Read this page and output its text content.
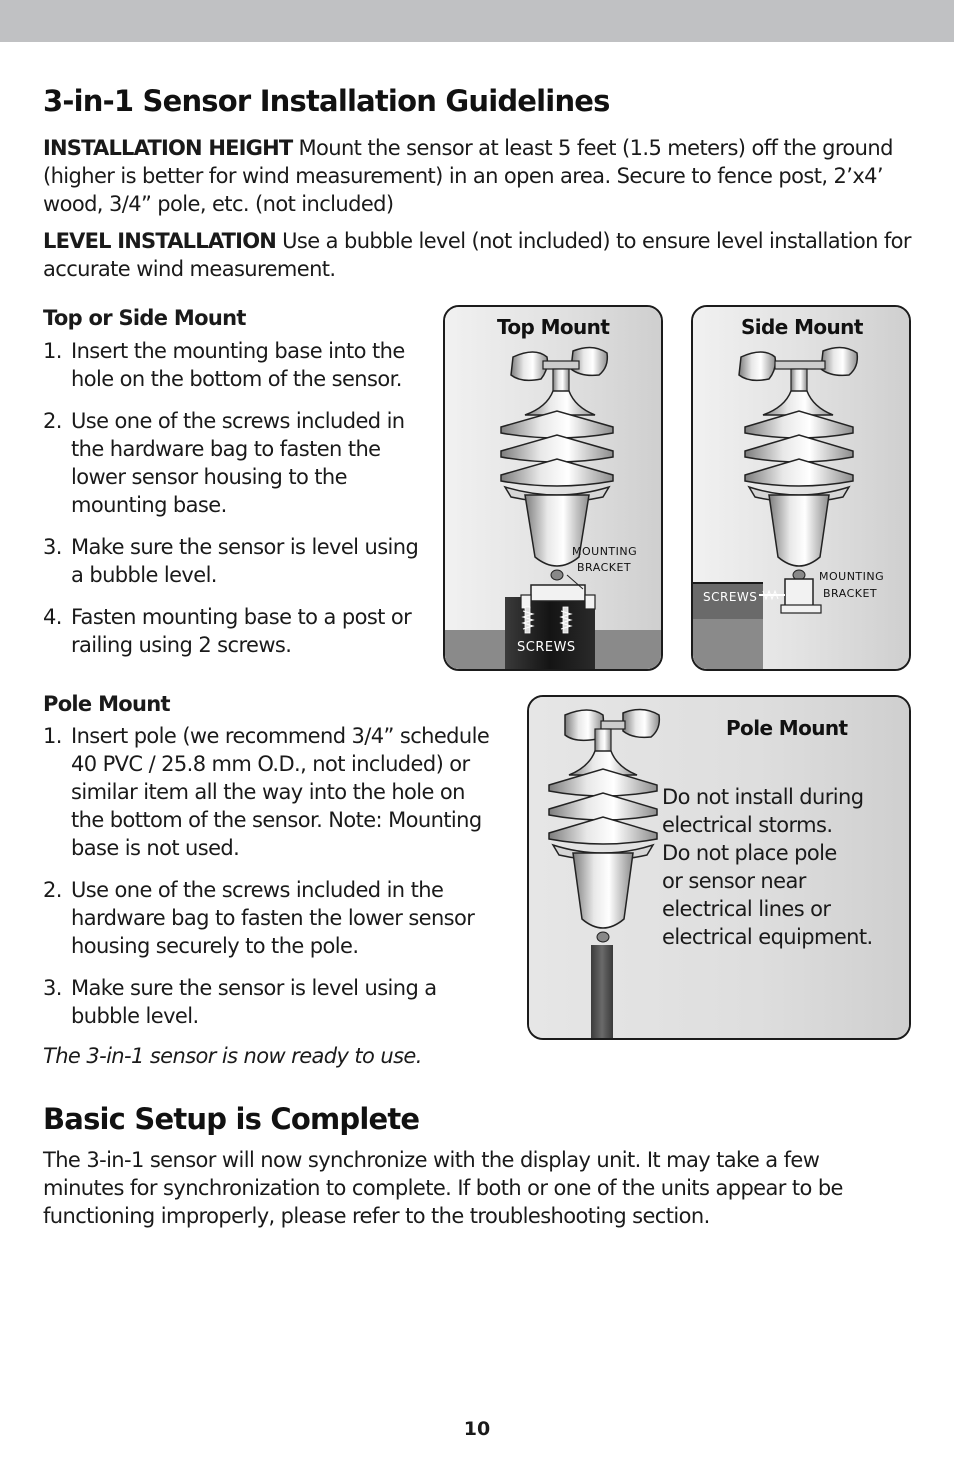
3-in-1 Sensor Installation Guidelines
INSTALLATION HEIGHT Mount the sensor at least 5 feet (1.5 meters) off the ground (higher is better for wind measurement) in an open area. Secure to fence post, 2’x4’ wood, 3/4” pole, etc. (not included)
LEVEL INSTALLATION Use a bubble level (not included) to ensure level installation for accurate wind measurement.
Top or Side Mount
1. Insert the mounting base into the hole on the bottom of the sensor.
2. Use one of the screws included in the hardware bag to fasten the lower sensor housing to the mounting base.
3. Make sure the sensor is level using a bubble level.
4. Fasten mounting base to a post or railing using 2 screws.
Top Mount
MOUNTING
BRACKET
SCREWS
Side Mount
MOUNTING
BRACKET
SCREWS
Pole Mount
1. Insert pole (we recommend 3/4” schedule 40 PVC / 25.8 mm O.D., not included) or similar item all the way into the hole on the bottom of the sensor. Note: Mounting base is not used.
2. Use one of the screws included in the hardware bag to fasten the lower sensor housing securely to the pole.
3. Make sure the sensor is level using a bubble level.
The 3-in-1 sensor is now ready to use.
Pole Mount
Do not install during
electrical storms.
Do not place pole
or sensor near
electrical lines or
electrical equipment.
Basic Setup is Complete
The 3-in-1 sensor will now synchronize with the display unit. It may take a few minutes for synchronization to complete. If both or one of the units appear to be functioning improperly, please refer to the troubleshooting section.
10
